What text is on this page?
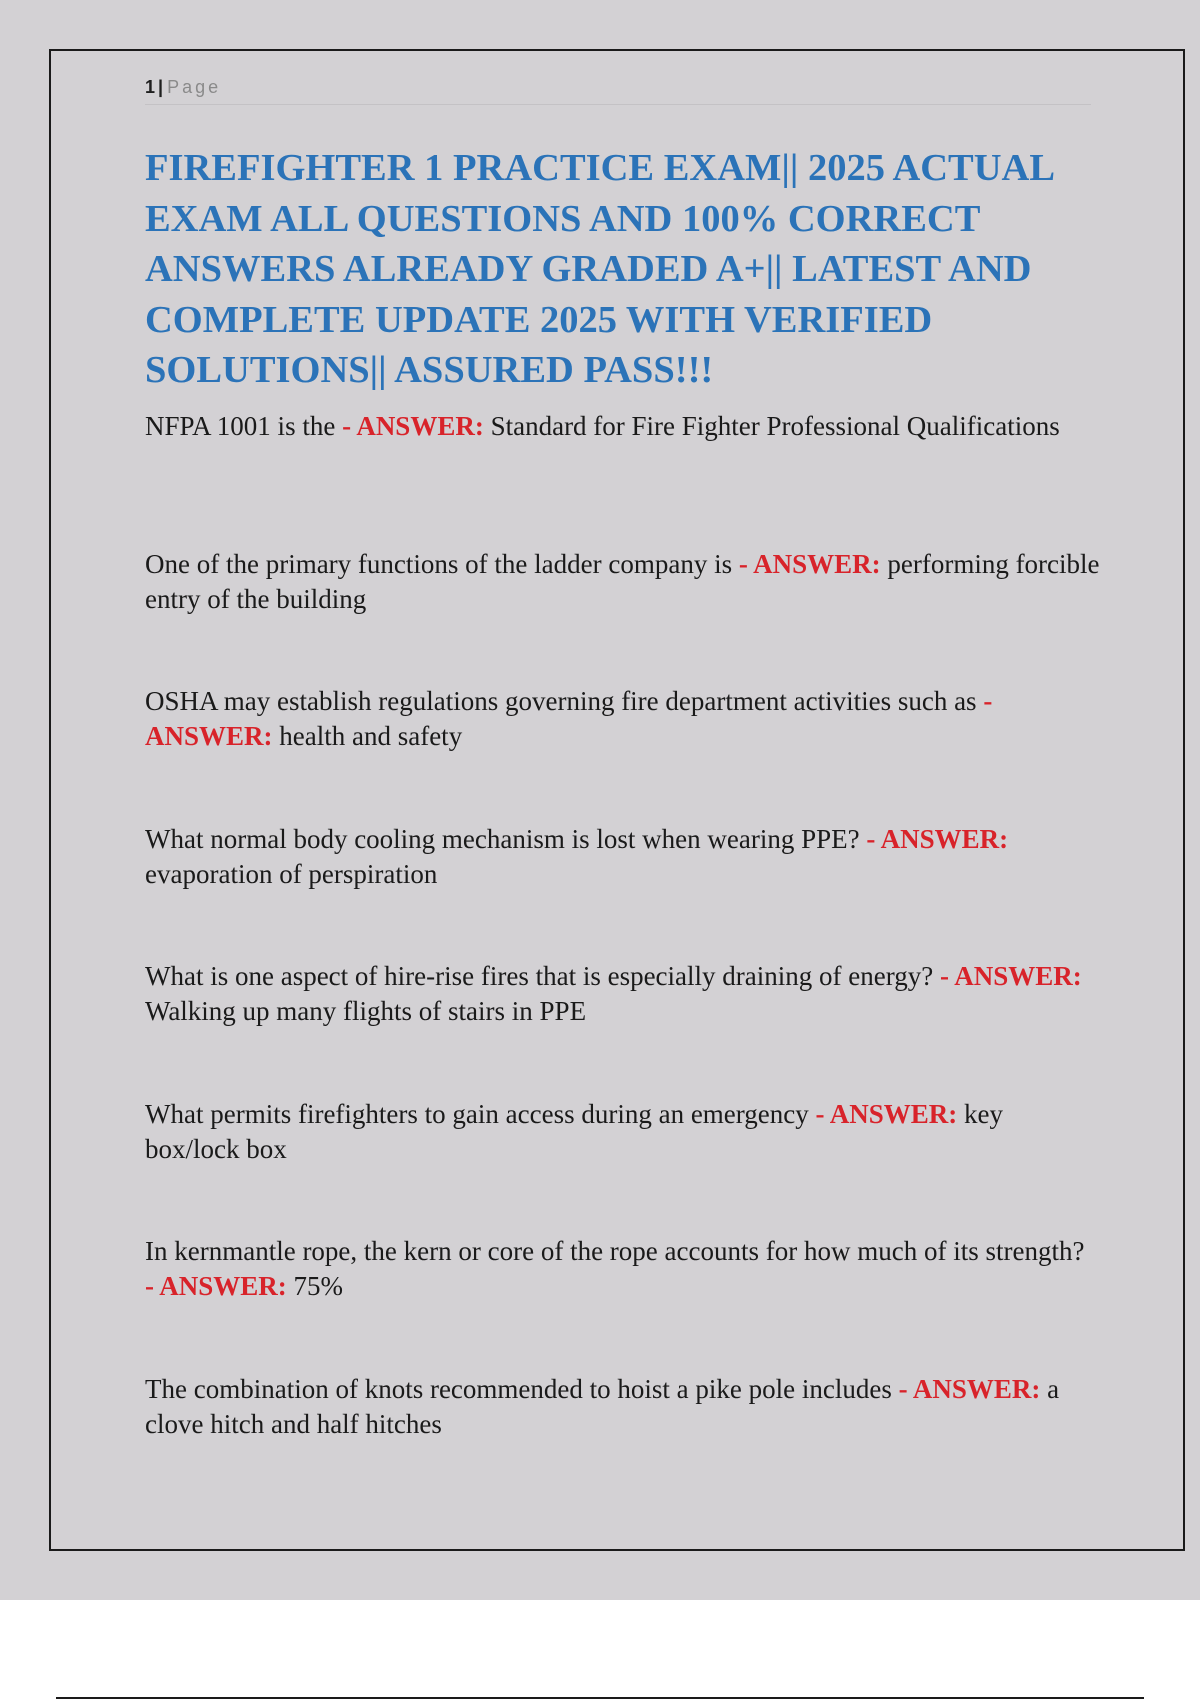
1 | Page
FIREFIGHTER 1 PRACTICE EXAM|| 2025 ACTUAL EXAM ALL QUESTIONS AND 100% CORRECT ANSWERS ALREADY GRADED A+|| LATEST AND COMPLETE UPDATE 2025 WITH VERIFIED SOLUTIONS|| ASSURED PASS!!!
NFPA 1001 is the - ANSWER: Standard for Fire Fighter Professional Qualifications
One of the primary functions of the ladder company is - ANSWER: performing forcible entry of the building
OSHA may establish regulations governing fire department activities such as - ANSWER: health and safety
What normal body cooling mechanism is lost when wearing PPE? - ANSWER: evaporation of perspiration
What is one aspect of hire-rise fires that is especially draining of energy? - ANSWER: Walking up many flights of stairs in PPE
What permits firefighters to gain access during an emergency - ANSWER: key box/lock box
In kernmantle rope, the kern or core of the rope accounts for how much of its strength? - ANSWER: 75%
The combination of knots recommended to hoist a pike pole includes - ANSWER: a clove hitch and half hitches
